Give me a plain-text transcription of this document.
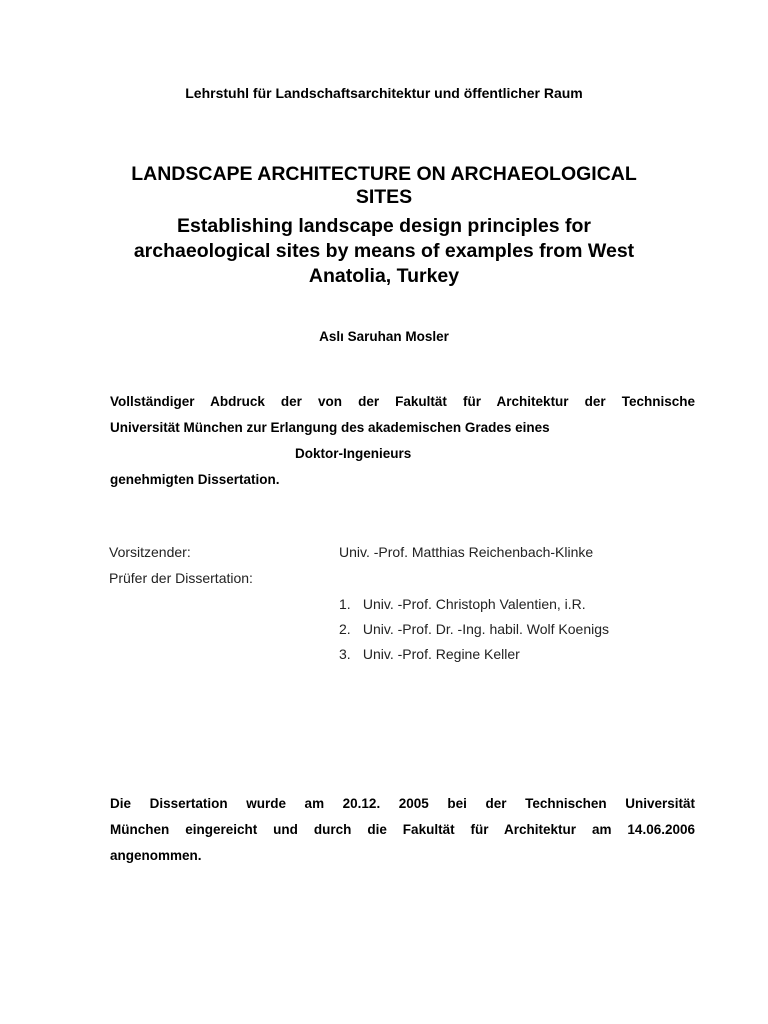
Lehrstuhl für Landschaftsarchitektur und öffentlicher Raum
LANDSCAPE ARCHITECTURE ON ARCHAEOLOGICAL
SITES
Establishing landscape design principles for
archaeological sites by means of examples from West
Anatolia, Turkey
Aslı Saruhan Mosler
Vollständiger Abdruck der von der Fakultät für Architektur der Technische
Universität München zur Erlangung des akademischen Grades eines
Doktor-Ingenieurs
genehmigten Dissertation.
Vorsitzender:	Univ. -Prof. Matthias Reichenbach-Klinke
Prüfer der Dissertation:
1. Univ. -Prof. Christoph Valentien, i.R.
2. Univ. -Prof. Dr. -Ing. habil. Wolf Koenigs
3. Univ. -Prof. Regine Keller
Die Dissertation wurde am 20.12. 2005 bei der Technischen Universität
München eingereicht und durch die Fakultät für Architektur am 14.06.2006
angenommen.
